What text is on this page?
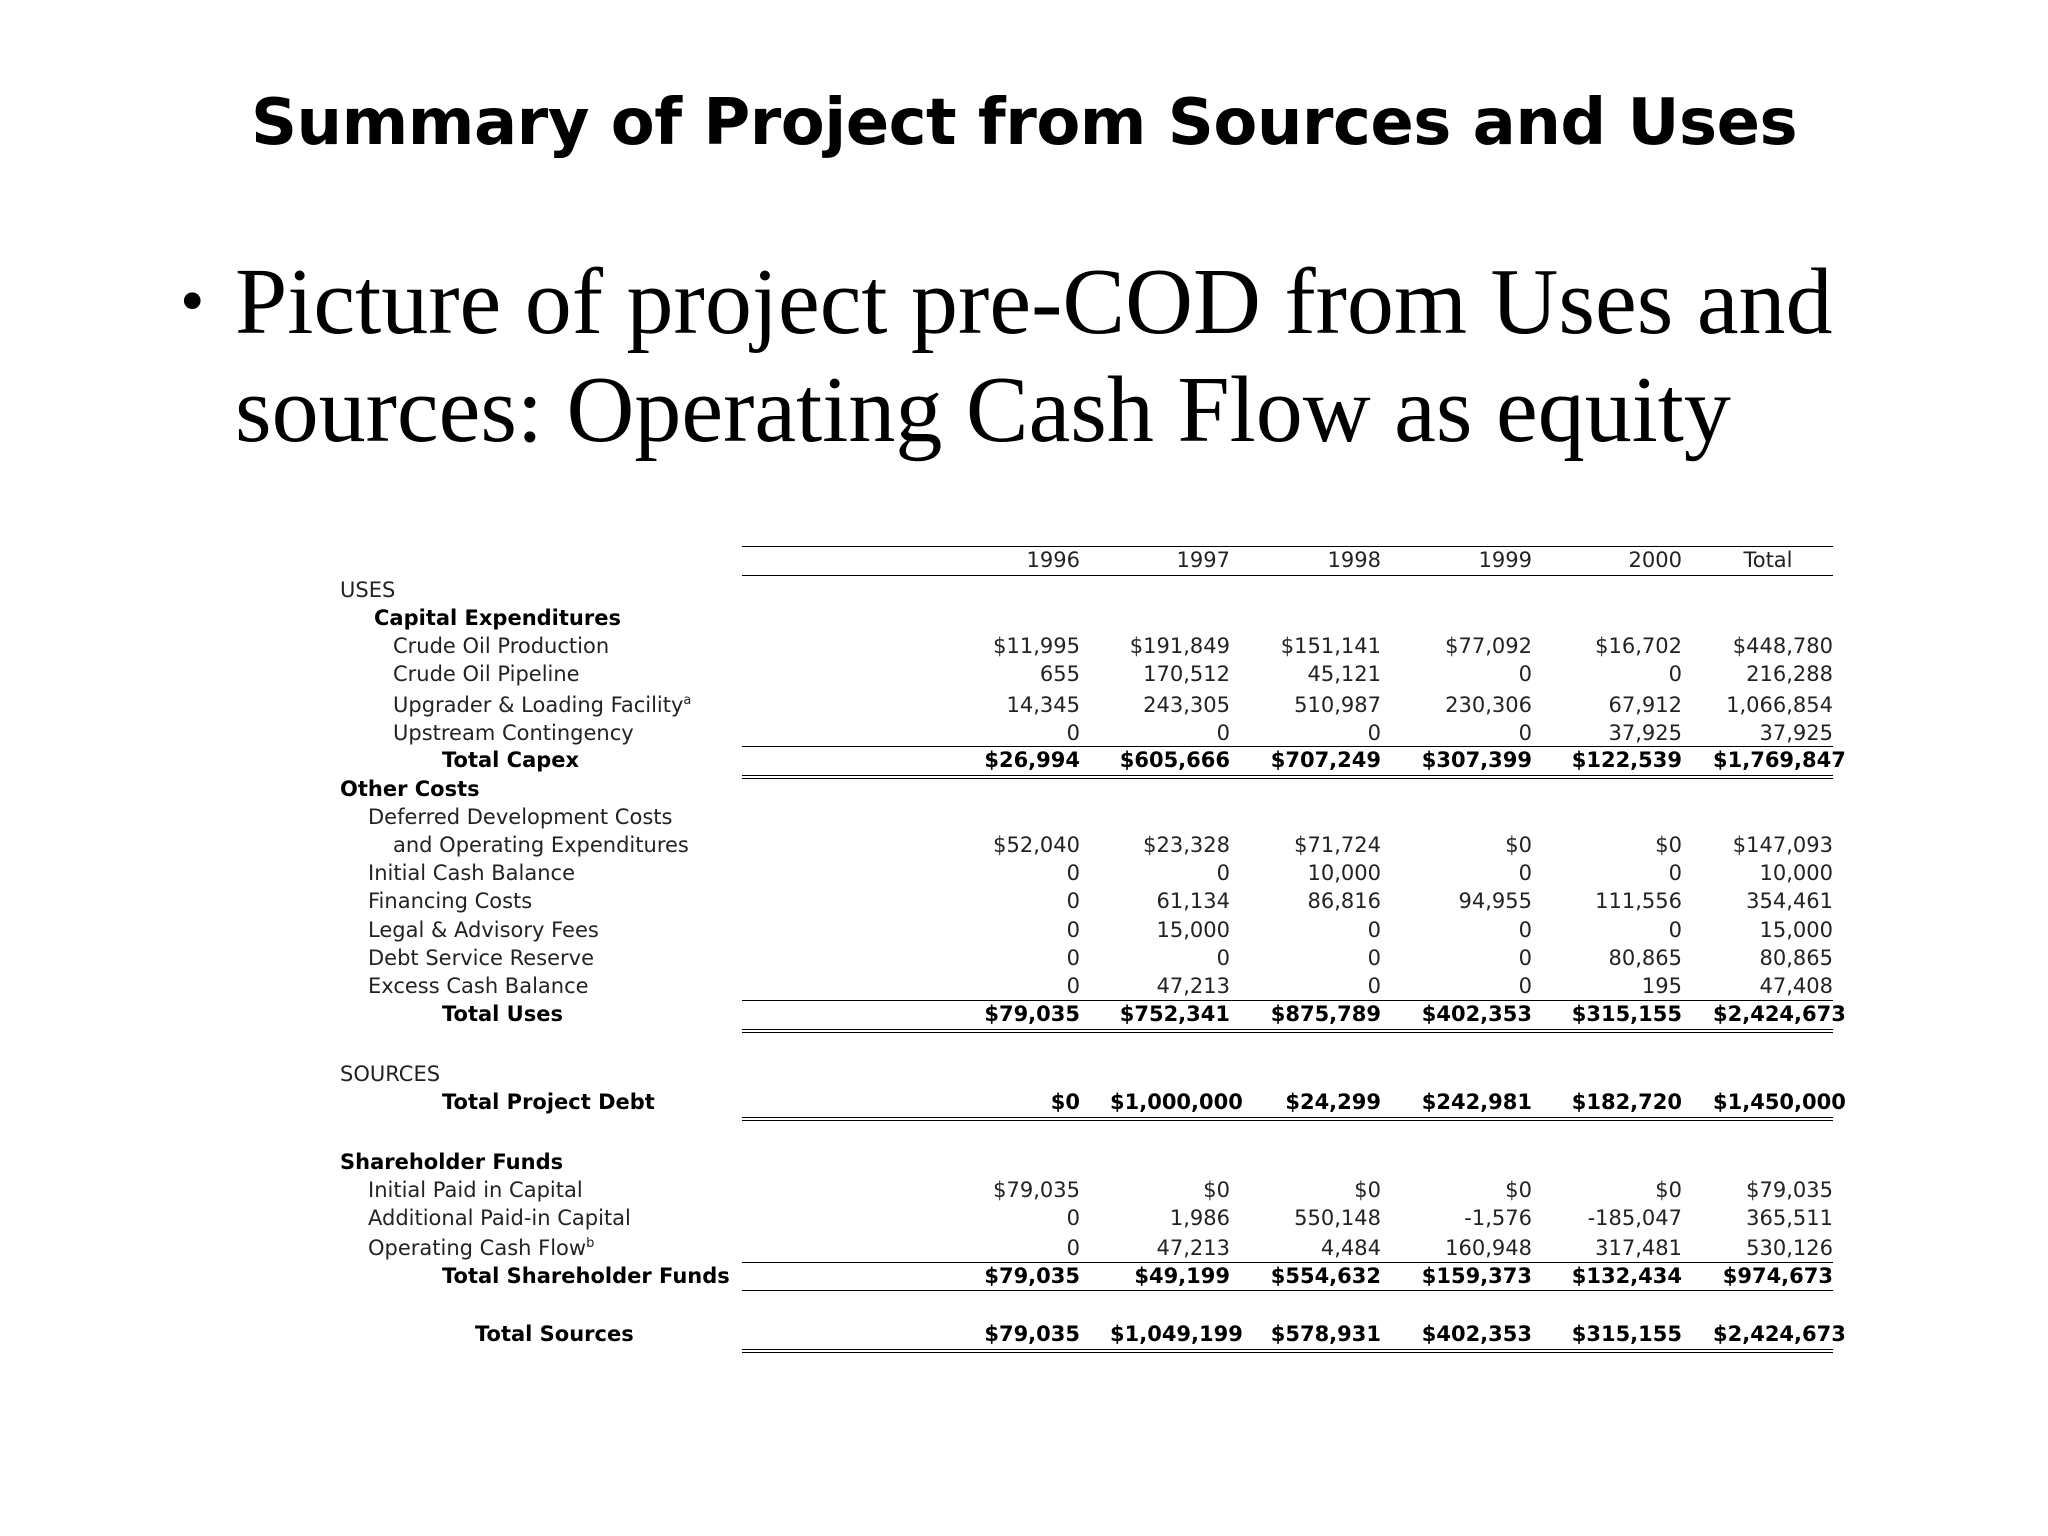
Summary of Project from Sources and Uses
• Picture of project pre-COD from Uses and sources: Operating Cash Flow as equity
1996	1997	1998	1999	2000	Total
USES
Capital Expenditures
Crude Oil Production	$11,995	$191,849	$151,141	$77,092	$16,702	$448,780
Crude Oil Pipeline	655	170,512	45,121	0	0	216,288
Upgrader & Loading Facility$^a$	14,345	243,305	510,987	230,306	67,912	1,066,854
Upstream Contingency	0	0	0	0	37,925	37,925
Total Capex	$26,994	$605,666	$707,249	$307,399	$122,539 $1,769,847
Other Costs
Deferred Development Costs
and Operating Expenditures	$52,040	$23,328	$71,724	$0	$0	$147,093
Initial Cash Balance	0	0	10,000	0	0	10,000
Financing Costs	0	61,134	86,816	94,955	111,556	354,461
Legal & Advisory Fees	0	15,000	0	0	0	15,000
Debt Service Reserve	0	0	0	0	80,865	80,865
Excess Cash Balance	0	47,213	0	0	195	47,408
Total Uses	$79,035	$752,341	$875,789	$402,353	$315,155 $2,424,673
SOURCES
Total Project Debt	$0 $1,000,000	$24,299	$242,981	$182,720 $1,450,000
Shareholder Funds
Initial Paid in Capital	$79,035	$0	$0	$0	$0	$79,035
Additional Paid-in Capital	0	1,986	550,148	-1,576	-185,047	365,511
Operating Cash Flow$^b$	0	47,213	4,484	160,948	317,481	530,126
Total Shareholder Funds	$79,035	$49,199	$554,632	$159,373	$132,434	$974,673
Total Sources	$79,035 $1,049,199	$578,931	$402,353	$315,155 $2,424,673
